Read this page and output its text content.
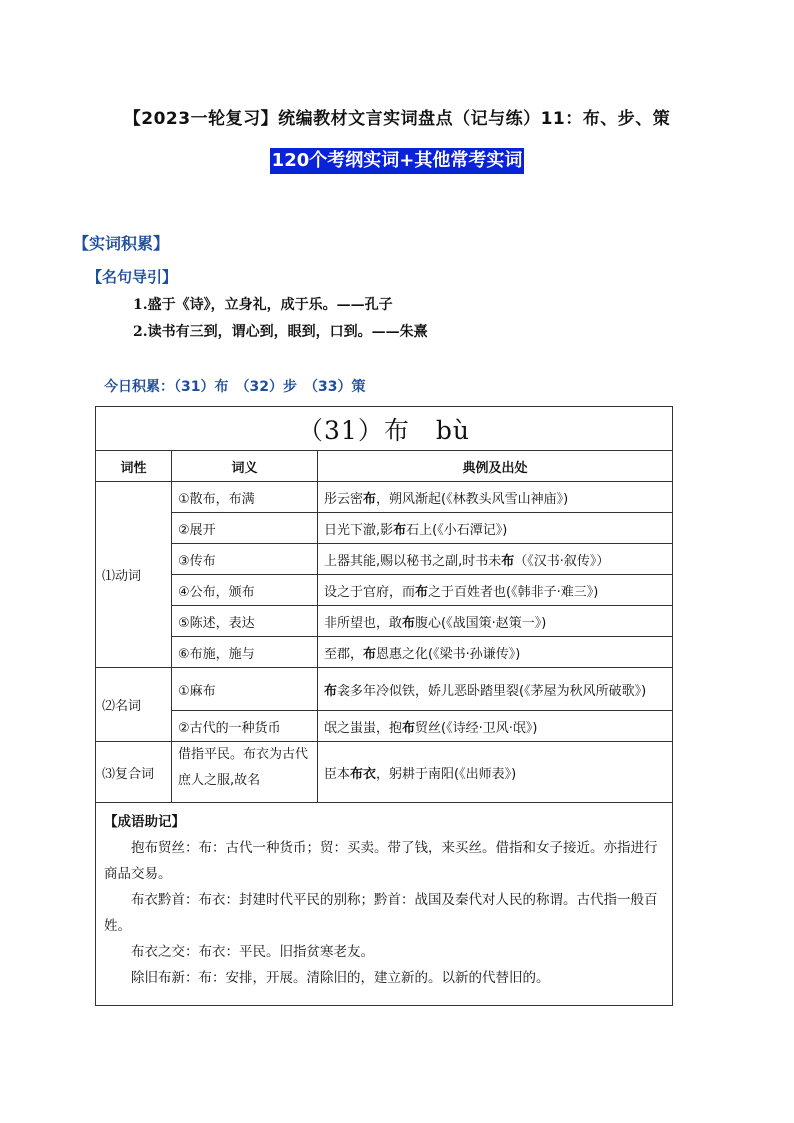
【2023一轮复习】统编教材文言实词盘点（记与练）11：布、步、策
120个考纲实词+其他常考实词
【实词积累】
【名句导引】
1.盛于《诗》，立身礼，成于乐。——孔子
2.读书有三到，谓心到，眼到，口到。——朱熹
今日积累：（31）布　（32）步　（33）策
（31）布　bù		
词性	词义	典例及出处
⑴动词	①散布，布满	彤云密布，朔风渐起(《林教头风雪山神庙》)
	②展开	日光下澈,影布石上(《小石潭记》)
	③传布	上器其能,赐以秘书之副,时书未布（《汉书·叙传》）
	④公布，颁布	设之于官府，而布之于百姓者也(《韩非子·难三》)
	⑤陈述，表达	非所望也，敢布腹心(《战国策·赵策一》)
	⑥布施，施与	至郡，布恩惠之化(《梁书·孙谦传》)
⑵名词	①麻布	布衾多年冷似铁，娇儿恶卧踏里裂(《茅屋为秋风所破歌》)
	②古代的一种货币	氓之蚩蚩，抱布贸丝(《诗经·卫风·氓》)
⑶复合词	借指平民。布衣为古代庶人之服,故名	臣本布衣，躬耕于南阳(《出师表》)

【成语助记】

抱布贸丝：布：古代一种货币；贸：买卖。带了钱，来买丝。借指和女子接近。亦指进行商品交易。

布衣黔首：布衣：封建时代平民的别称；黔首：战国及秦代对人民的称谓。古代指一般百姓。

布衣之交：布衣：平民。旧指贫寒老友。

除旧布新：布：安排，开展。清除旧的，建立新的。以新的代替旧的。		
